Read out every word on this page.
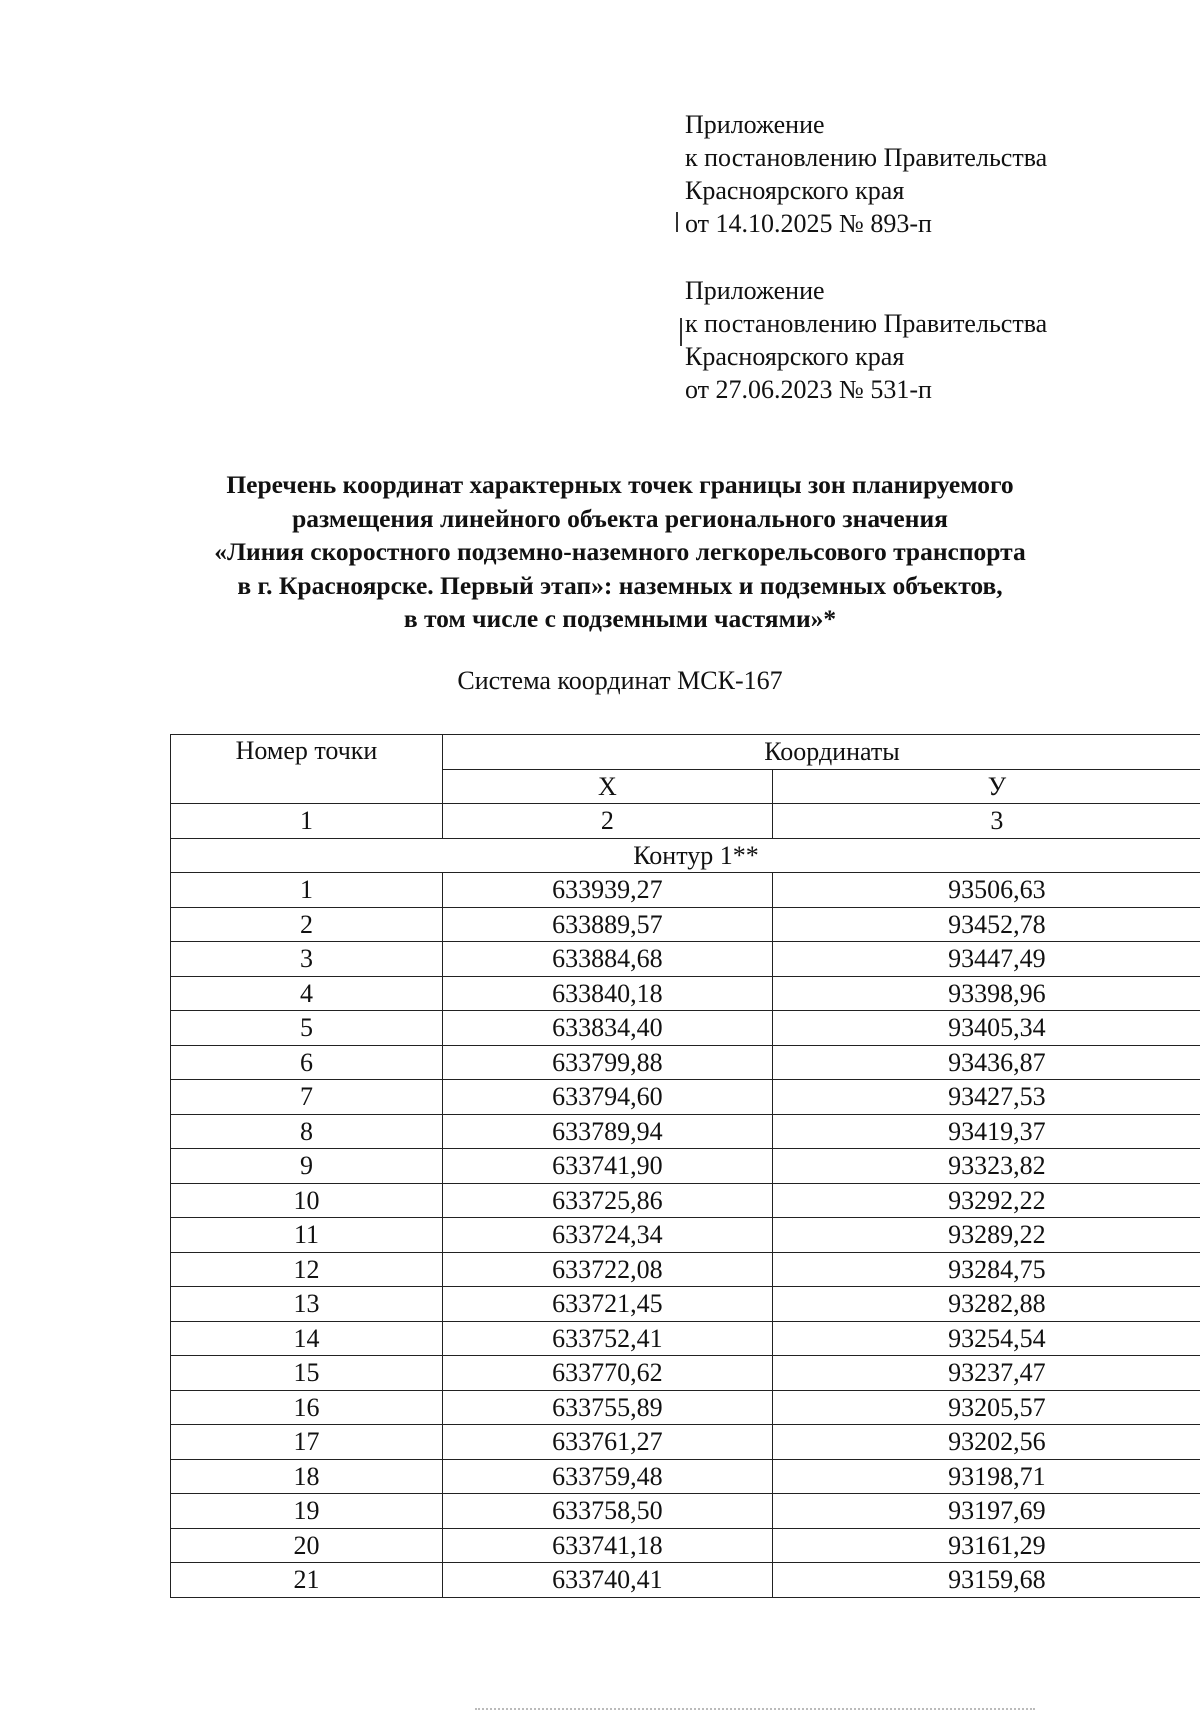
Приложение
к постановлению Правительства
Красноярского края
от 14.10.2025 № 893-п
Приложение
к постановлению Правительства
Красноярского края
от 27.06.2023 № 531-п
Перечень координат характерных точек границы зон планируемого
размещения линейного объекта регионального значения
«Линия скоростного подземно-наземного легкорельсового транспорта
в г. Красноярске. Первый этап»: наземных и подземных объектов,
в том числе с подземными частями»*
Система координат МСК-167
Номер точки	Координаты	
	Х	У
1	2	3
Контур 1**		
1	633939,27	93506,63
2	633889,57	93452,78
3	633884,68	93447,49
4	633840,18	93398,96
5	633834,40	93405,34
6	633799,88	93436,87
7	633794,60	93427,53
8	633789,94	93419,37
9	633741,90	93323,82
10	633725,86	93292,22
11	633724,34	93289,22
12	633722,08	93284,75
13	633721,45	93282,88
14	633752,41	93254,54
15	633770,62	93237,47
16	633755,89	93205,57
17	633761,27	93202,56
18	633759,48	93198,71
19	633758,50	93197,69
20	633741,18	93161,29
21	633740,41	93159,68
